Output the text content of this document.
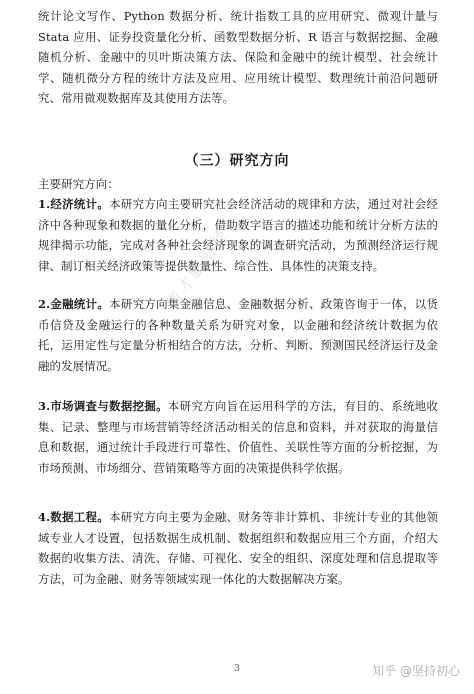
统计论文写作、Python 数据分析、统计指数工具的应用研究、微观计量与 Stata 应用、证券投资量化分析、函数型数据分析、R 语言与数据挖掘、金融随机分析、金融中的贝叶斯决策方法、保险和金融中的统计模型、社会统计学、随机微分方程的统计方法及应用、应用统计模型、数理统计前沿问题研究、常用微观数据库及其使用方法等。

（三）研究方向

主要研究方向：

1.经济统计。本研究方向主要研究社会经济活动的规律和方法，通过对社会经济中各种现象和数据的量化分析，借助数字语言的描述功能和统计分析方法的规律揭示功能，完成对各种社会经济现象的调查研究活动，为预测经济运行规律、制订相关经济政策等提供数量性、综合性、具体性的决策支持。

2.金融统计。本研究方向集金融信息、金融数据分析、政策咨询于一体，以货币信贷及金融运行的各种数量关系为研究对象，以金融和经济统计数据为依托，运用定性与定量分析相结合的方法，分析、判断、预测国民经济运行及金融的发展情况。

3.市场调查与数据挖掘。本研究方向旨在运用科学的方法，有目的、系统地收集、记录、整理与市场营销等经济活动相关的信息和资料，并对获取的海量信息和数据，通过统计手段进行可靠性、价值性、关联性等方面的分析挖掘，为市场预测、市场细分、营销策略等方面的决策提供科学依据。

4.数据工程。本研究方向主要为金融、财务等非计算机、非统计专业的其他领域专业人才设置，包括数据生成机制、数据组织和数据应用三个方面，介绍大数据的收集方法、清洗、存储、可视化、安全的组织、深度处理和信息提取等方法，可为金融、财务等领域实现一体化的大数据解决方案。

酱才鹏财经
3	知乎 @坚持初心
